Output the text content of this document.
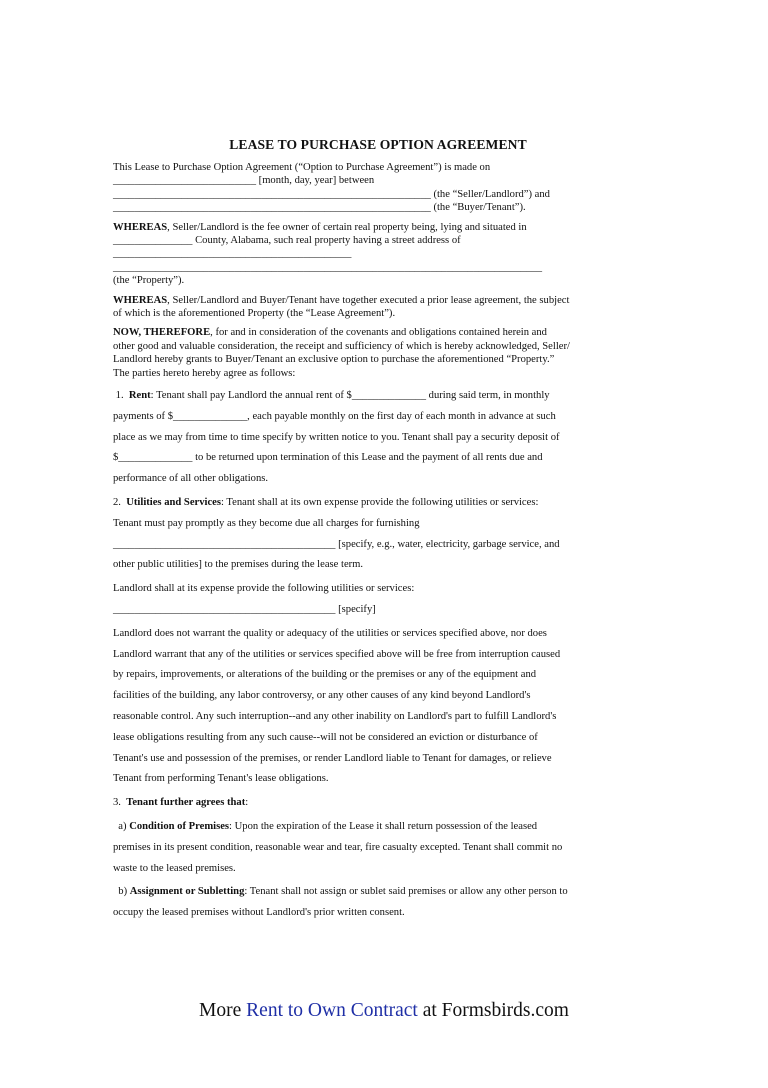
LEASE TO PURCHASE OPTION AGREEMENT
This Lease to Purchase Option Agreement (“Option to Purchase Agreement”) is made on
___________________________ [month, day, year] between
____________________________________________________________ (the “Seller/Landlord”) and
____________________________________________________________ (the “Buyer/Tenant”).
WHEREAS, Seller/Landlord is the fee owner of certain real property being, lying and situated in
_______________ County, Alabama, such real property having a street address of
_____________________________________________
_________________________________________________________________________________
(the “Property”).
WHEREAS, Seller/Landlord and Buyer/Tenant have together executed a prior lease agreement, the subject
of which is the aforementioned Property (the “Lease Agreement”).
NOW, THEREFORE, for and in consideration of the covenants and obligations contained herein and
other good and valuable consideration, the receipt and sufficiency of which is hereby acknowledged, Seller/
Landlord hereby grants to Buyer/Tenant an exclusive option to purchase the aforementioned “Property.”
The parties hereto hereby agree as follows:
1.  Rent: Tenant shall pay Landlord the annual rent of $______________ during said term, in monthly
payments of $______________, each payable monthly on the first day of each month in advance at such
place as we may from time to time specify by written notice to you. Tenant shall pay a security deposit of
$______________ to be returned upon termination of this Lease and the payment of all rents due and
performance of all other obligations.
2.  Utilities and Services: Tenant shall at its own expense provide the following utilities or services:
Tenant must pay promptly as they become due all charges for furnishing
__________________________________________ [specify, e.g., water, electricity, garbage service, and
other public utilities] to the premises during the lease term.
Landlord shall at its expense provide the following utilities or services:
__________________________________________ [specify]
Landlord does not warrant the quality or adequacy of the utilities or services specified above, nor does
Landlord warrant that any of the utilities or services specified above will be free from interruption caused
by repairs, improvements, or alterations of the building or the premises or any of the equipment and
facilities of the building, any labor controversy, or any other causes of any kind beyond Landlord's
reasonable control. Any such interruption--and any other inability on Landlord's part to fulfill Landlord's
lease obligations resulting from any such cause--will not be considered an eviction or disturbance of
Tenant's use and possession of the premises, or render Landlord liable to Tenant for damages, or relieve
Tenant from performing Tenant's lease obligations.
3.  Tenant further agrees that:
a) Condition of Premises: Upon the expiration of the Lease it shall return possession of the leased
premises in its present condition, reasonable wear and tear, fire casualty excepted. Tenant shall commit no
waste to the leased premises.
b) Assignment or Subletting: Tenant shall not assign or sublet said premises or allow any other person to
occupy the leased premises without Landlord's prior written consent.
More Rent to Own Contract at Formsbirds.com
